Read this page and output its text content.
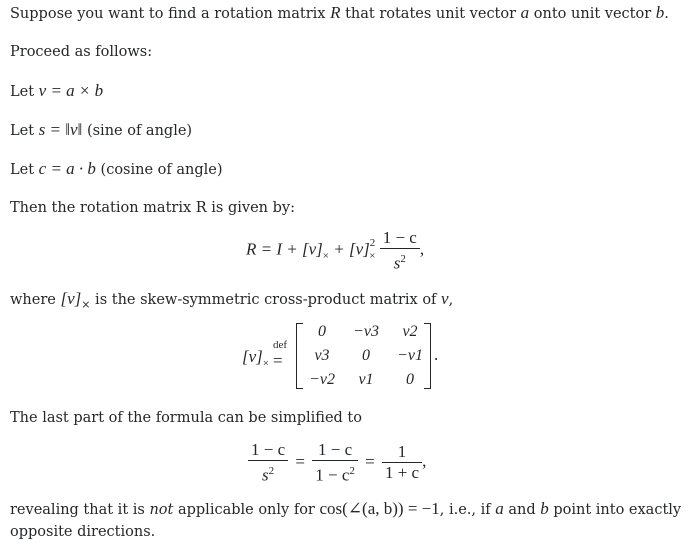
Suppose you want to find a rotation matrix R that rotates unit vector a onto unit vector b.
Proceed as follows:
Let v = a × b
Let s = ‖v‖ (sine of angle)
Let c = a · b (cosine of angle)
Then the rotation matrix R is given by:
$R = I + [v]_\times + [v]^2_\times \frac{1 - c}{s^2}$ ,
where $[v]_\times$ is the skew-symmetric cross-product matrix of v,
$[v]_\times$
def
=
0	−v3	v2
v3	0	−v1
−v2	v1	0
.
The last part of the formula can be simplified to
$\frac{1 - c}{s^2} = \frac{1 - c}{1 - c^2} = \frac{1}{1 + c}$ ,
revealing that it is not applicable only for cos(∠(a, b)) = −1, i.e., if a and b point into exactly
opposite directions.
